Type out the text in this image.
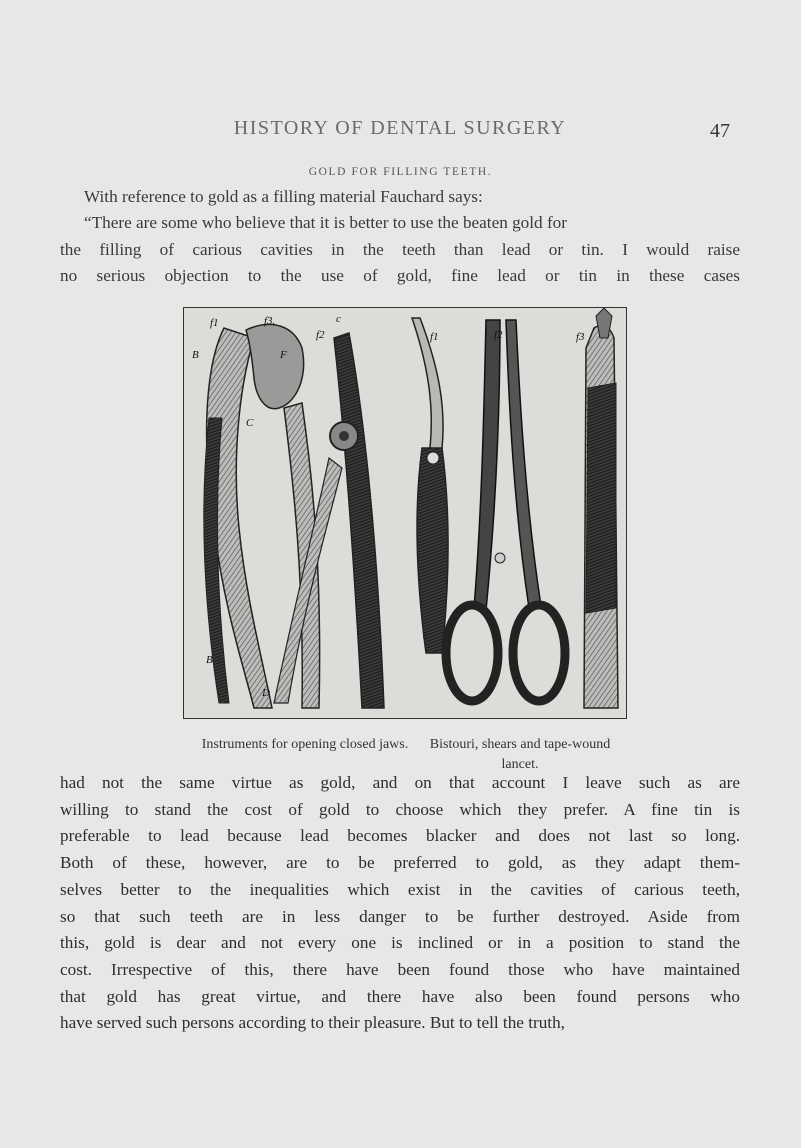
HISTORY OF DENTAL SURGERY	47
GOLD FOR FILLING TEETH.

With reference to gold as a filling material Fauchard says:
“There are some who believe that it is better to use the beaten gold for
the filling of carious cavities in the teeth than lead or tin. I would raise
no serious objection to the use of gold, fine lead or tin in these cases

f1	f3.
f2
c
B
C
F
B
D
f1	f2	f3
Instruments for opening closed jaws.	Bistouri, shears and tape-wound lancet.

had not the same virtue as gold, and on that account I leave such as are
willing to stand the cost of gold to choose which they prefer. A fine tin is
preferable to lead because lead becomes blacker and does not last so long.
Both of these, however, are to be preferred to gold, as they adapt them-
selves better to the inequalities which exist in the cavities of carious teeth,
so that such teeth are in less danger to be further destroyed. Aside from
this, gold is dear and not every one is inclined or in a position to stand the
cost. Irrespective of this, there have been found those who have maintained
that gold has great virtue, and there have also been found persons who
have served such persons according to their pleasure. But to tell the truth,
